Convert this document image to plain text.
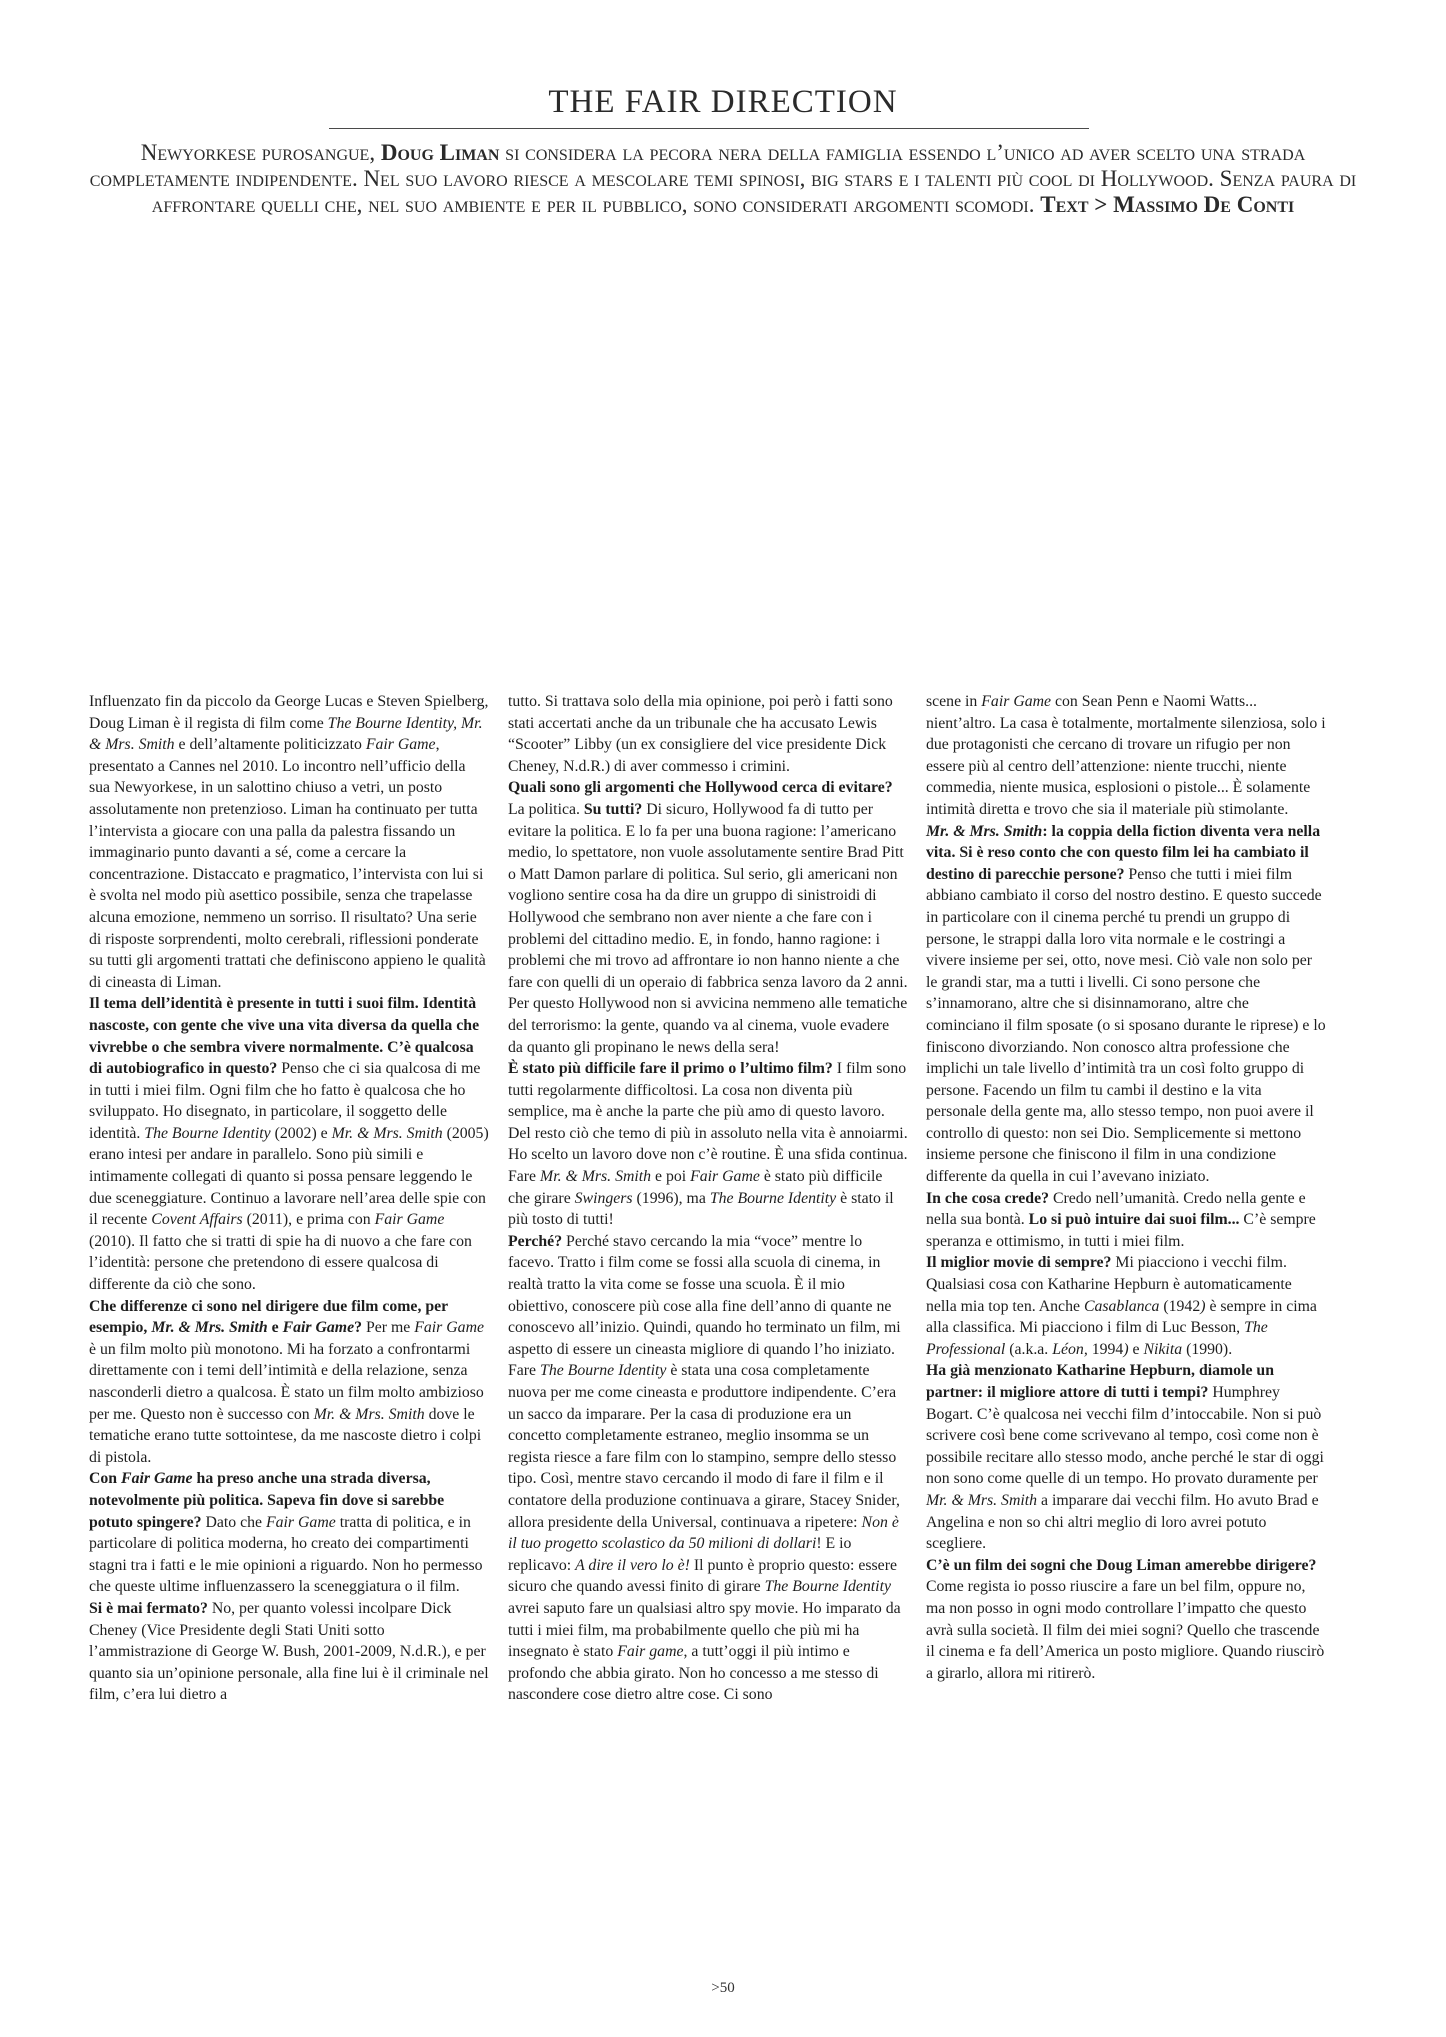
THE FAIR DIRECTION
Newyorkese purosangue, Doug Liman si considera la pecora nera della famiglia essendo l’unico ad aver scelto una strada completamente indipendente. Nel suo lavoro riesce a mescolare temi spinosi, big stars e i talenti più cool di Hollywood. Senza paura di affrontare quelli che, nel suo ambiente e per il pubblico, sono considerati argomenti scomodi. Text > Massimo De Conti

Influenzato fin da piccolo da George Lucas e Steven Spielberg, Doug Liman è il regista di film come The Bourne Identity, Mr. & Mrs. Smith e dell’altamente politicizzato Fair Game, presentato a Cannes nel 2010. Lo incontro nell’ufficio della sua Newyorkese, in un salottino chiuso a vetri, un posto assolutamente non pretenzioso. Liman ha continuato per tutta l’intervista a giocare con una palla da palestra fissando un immaginario punto davanti a sé, come a cercare la concentrazione. Distaccato e pragmatico, l’intervista con lui si è svolta nel modo più asettico possibile, senza che trapelasse alcuna emozione, nemmeno un sorriso. Il risultato? Una serie di risposte sorprendenti, molto cerebrali, riflessioni ponderate su tutti gli argomenti trattati che definiscono appieno le qualità di cineasta di Liman.
Il tema dell’identità è presente in tutti i suoi film. Identità nascoste, con gente che vive una vita diversa da quella che vivrebbe o che sembra vivere normalmente. C’è qualcosa di autobiografico in questo? Penso che ci sia qualcosa di me in tutti i miei film. Ogni film che ho fatto è qualcosa che ho sviluppato. Ho disegnato, in particolare, il soggetto delle identità. The Bourne Identity (2002) e Mr. & Mrs. Smith (2005) erano intesi per andare in parallelo. Sono più simili e intimamente collegati di quanto si possa pensare leggendo le due sceneggiature. Continuo a lavorare nell’area delle spie con il recente Covent Affairs (2011), e prima con Fair Game (2010). Il fatto che si tratti di spie ha di nuovo a che fare con l’identità: persone che pretendono di essere qualcosa di differente da ciò che sono.
Che differenze ci sono nel dirigere due film come, per esempio, Mr. & Mrs. Smith e Fair Game? Per me Fair Game è un film molto più monotono. Mi ha forzato a confrontarmi direttamente con i temi dell’intimità e della relazione, senza nasconderli dietro a qualcosa. È stato un film molto ambizioso per me. Questo non è successo con Mr. & Mrs. Smith dove le tematiche erano tutte sottointese, da me nascoste dietro i colpi di pistola.
Con Fair Game ha preso anche una strada diversa, notevolmente più politica. Sapeva fin dove si sarebbe potuto spingere? Dato che Fair Game tratta di politica, e in particolare di politica moderna, ho creato dei compartimenti stagni tra i fatti e le mie opinioni a riguardo. Non ho permesso che queste ultime influenzassero la sceneggiatura o il film.
Si è mai fermato? No, per quanto volessi incolpare Dick Cheney (Vice Presidente degli Stati Uniti sotto l’ammistrazione di George W. Bush, 2001-2009, N.d.R.), e per quanto sia un’opinione personale, alla fine lui è il criminale nel film, c’era lui dietro a

tutto. Si trattava solo della mia opinione, poi però i fatti sono stati accertati anche da un tribunale che ha accusato Lewis “Scooter” Libby (un ex consigliere del vice presidente Dick Cheney, N.d.R.) di aver commesso i crimini.
Quali sono gli argomenti che Hollywood cerca di evitare? La politica. Su tutti? Di sicuro, Hollywood fa di tutto per evitare la politica. E lo fa per una buona ragione: l’americano medio, lo spettatore, non vuole assolutamente sentire Brad Pitt o Matt Damon parlare di politica. Sul serio, gli americani non vogliono sentire cosa ha da dire un gruppo di sinistroidi di Hollywood che sembrano non aver niente a che fare con i problemi del cittadino medio. E, in fondo, hanno ragione: i problemi che mi trovo ad affrontare io non hanno niente a che fare con quelli di un operaio di fabbrica senza lavoro da 2 anni. Per questo Hollywood non si avvicina nemmeno alle tematiche del terrorismo: la gente, quando va al cinema, vuole evadere da quanto gli propinano le news della sera!
È stato più difficile fare il primo o l’ultimo film? I film sono tutti regolarmente difficoltosi. La cosa non diventa più semplice, ma è anche la parte che più amo di questo lavoro. Del resto ciò che temo di più in assoluto nella vita è annoiarmi. Ho scelto un lavoro dove non c’è routine. È una sfida continua. Fare Mr. & Mrs. Smith e poi Fair Game è stato più difficile che girare Swingers (1996), ma The Bourne Identity è stato il più tosto di tutti!
Perché? Perché stavo cercando la mia “voce” mentre lo facevo. Tratto i film come se fossi alla scuola di cinema, in realtà tratto la vita come se fosse una scuola. È il mio obiettivo, conoscere più cose alla fine dell’anno di quante ne conoscevo all’inizio. Quindi, quando ho terminato un film, mi aspetto di essere un cineasta migliore di quando l’ho iniziato. Fare The Bourne Identity è stata una cosa completamente nuova per me come cineasta e produttore indipendente. C’era un sacco da imparare. Per la casa di produzione era un concetto completamente estraneo, meglio insomma se un regista riesce a fare film con lo stampino, sempre dello stesso tipo. Così, mentre stavo cercando il modo di fare il film e il contatore della produzione continuava a girare, Stacey Snider, allora presidente della Universal, continuava a ripetere: Non è il tuo progetto scolastico da 50 milioni di dollari! E io replicavo: A dire il vero lo è! Il punto è proprio questo: essere sicuro che quando avessi finito di girare The Bourne Identity avrei saputo fare un qualsiasi altro spy movie. Ho imparato da tutti i miei film, ma probabilmente quello che più mi ha insegnato è stato Fair game, a tutt’oggi il più intimo e profondo che abbia girato. Non ho concesso a me stesso di nascondere cose dietro altre cose. Ci sono

scene in Fair Game con Sean Penn e Naomi Watts... nient’altro. La casa è totalmente, mortalmente silenziosa, solo i due protagonisti che cercano di trovare un rifugio per non essere più al centro dell’attenzione: niente trucchi, niente commedia, niente musica, esplosioni o pistole... È solamente intimità diretta e trovo che sia il materiale più stimolante.
Mr. & Mrs. Smith: la coppia della fiction diventa vera nella vita. Si è reso conto che con questo film lei ha cambiato il destino di parecchie persone? Penso che tutti i miei film abbiano cambiato il corso del nostro destino. E questo succede in particolare con il cinema perché tu prendi un gruppo di persone, le strappi dalla loro vita normale e le costringi a vivere insieme per sei, otto, nove mesi. Ciò vale non solo per le grandi star, ma a tutti i livelli. Ci sono persone che s’innamorano, altre che si disinnamorano, altre che cominciano il film sposate (o si sposano durante le riprese) e lo finiscono divorziando. Non conosco altra professione che implichi un tale livello d’intimità tra un così folto gruppo di persone. Facendo un film tu cambi il destino e la vita personale della gente ma, allo stesso tempo, non puoi avere il controllo di questo: non sei Dio. Semplicemente si mettono insieme persone che finiscono il film in una condizione differente da quella in cui l’avevano iniziato.
In che cosa crede? Credo nell’umanità. Credo nella gente e nella sua bontà. Lo si può intuire dai suoi film... C’è sempre speranza e ottimismo, in tutti i miei film.
Il miglior movie di sempre? Mi piacciono i vecchi film. Qualsiasi cosa con Katharine Hepburn è automaticamente nella mia top ten. Anche Casablanca (1942) è sempre in cima alla classifica. Mi piacciono i film di Luc Besson, The Professional (a.k.a. Léon, 1994) e Nikita (1990).
Ha già menzionato Katharine Hepburn, diamole un partner: il migliore attore di tutti i tempi? Humphrey Bogart. C’è qualcosa nei vecchi film d’intoccabile. Non si può scrivere così bene come scrivevano al tempo, così come non è possibile recitare allo stesso modo, anche perché le star di oggi non sono come quelle di un tempo. Ho provato duramente per Mr. & Mrs. Smith a imparare dai vecchi film. Ho avuto Brad e Angelina e non so chi altri meglio di loro avrei potuto scegliere.
C’è un film dei sogni che Doug Liman amerebbe dirigere? Come regista io posso riuscire a fare un bel film, oppure no, ma non posso in ogni modo controllare l’impatto che questo avrà sulla società. Il film dei miei sogni? Quello che trascende il cinema e fa dell’America un posto migliore. Quando riuscirò a girarlo, allora mi ritirerò.

>50
